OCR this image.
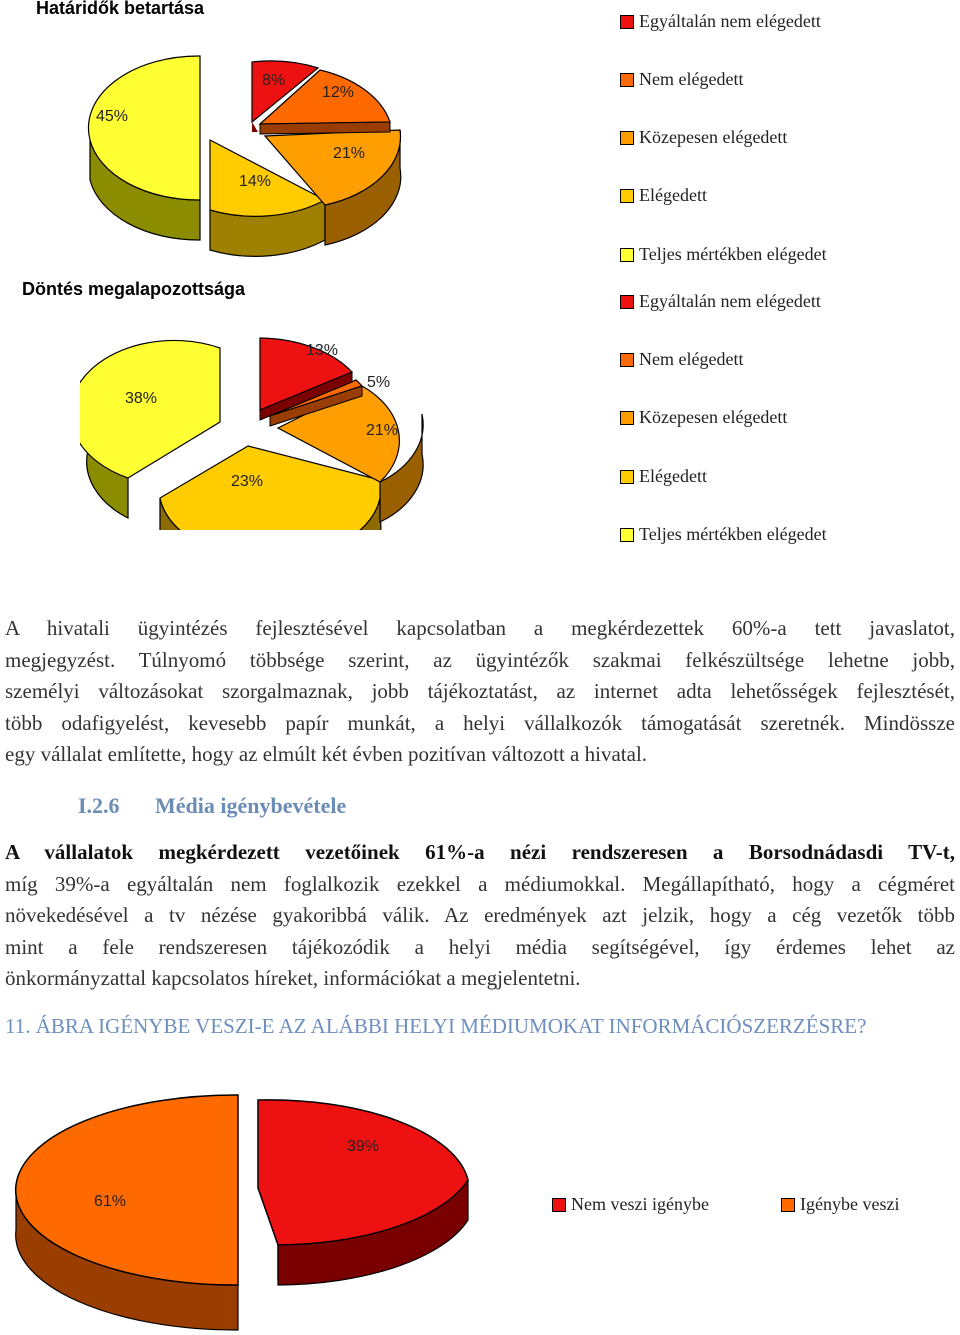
Határidők betartása
45%
8%
12%
21%
14%
Egyáltalán nem elégedett
Nem elégedett
Közepesen elégedett
Elégedett
Teljes mértékben elégedet
Döntés megalapozottsága
38%
13%
5%
21%
23%
Egyáltalán nem elégedett
Nem elégedett
Közepesen elégedett
Elégedett
Teljes mértékben elégedet
A hivatali ügyintézés fejlesztésével kapcsolatban a megkérdezettek 60%-a tett javaslatot,
megjegyzést. Túlnyomó többsége szerint, az ügyintézők szakmai felkészültsége lehetne jobb,
személyi változásokat szorgalmaznak, jobb tájékoztatást, az internet adta lehetősségek fejlesztését,
több odafigyelést, kevesebb papír munkát, a helyi vállalkozók támogatását szeretnék. Mindössze
egy vállalat említette, hogy az elmúlt két évben pozitívan változott a hivatal.
I.2.6 Média igénybevétele
A vállalatok megkérdezett vezetőinek 61%-a nézi rendszeresen a Borsodnádasdi TV-t,
míg 39%-a egyáltalán nem foglalkozik ezekkel a médiumokkal. Megállapítható, hogy a cégméret
növekedésével a tv nézése gyakoribbá válik. Az eredmények azt jelzik, hogy a cég vezetők több
mint a fele rendszeresen tájékozódik a helyi média segítségével, így érdemes lehet az
önkormányzattal kapcsolatos híreket, információkat a megjelentetni.
11. ÁBRA IGÉNYBE VESZI-E AZ ALÁBBI HELYI MÉDIUMOKAT INFORMÁCIÓSZERZÉSRE?
39%
61%	Nem veszi igénybe	Igénybe veszi
